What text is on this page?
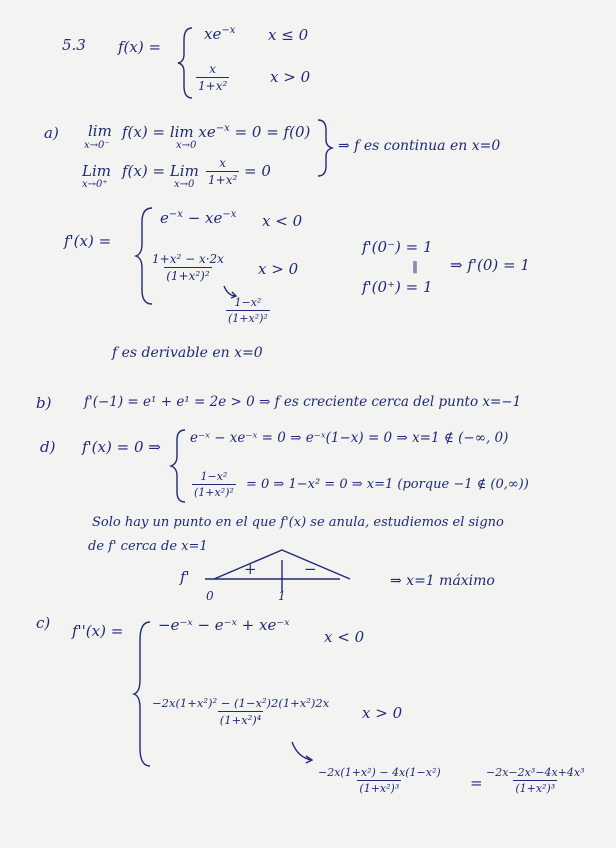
5.3 f(x) =
$xe^{-x}$ x ≤ 0
$\frac{x}{\text{1+x²}}$	x > 0
a) lim
x→0⁻
$f(x) = \lim xe^{-x} = 0 = f(0)$
x→0
Lim
x→0⁺
f(x) = Lim
$x\to 0 \frac{x}{\text{1+x²}} = 0$
⇒ f es continua en x=0
f'(x) =
$e^{-x} - xe^{-x}$ x < 0
$\frac{\text{1+x² − x·2x}}{\text{(1+x²)²}}$ x > 0
$\frac{\text{1−x²}}{\text{(1+x²)²}}$
f'(0⁻) = 1
‖
f'(0⁺) = 1
⇒ f'(0) = 1
f es derivable en x=0
b) f'(−1) = e¹ + e¹ = 2e > 0 ⇒ f es creciente cerca del punto x=−1
d) f'(x) = 0 ⇒ e⁻ˣ − xe⁻ˣ = 0 ⇒ e⁻ˣ(1−x) = 0 ⇒ x=1 ∉ (−∞, 0)
$\frac{\text{1−x²}}{\text{(1+x²)²}} = 0$ ⇒ 1−x² = 0 ⇒ x=1 (porque −1 ∉ (0,∞))
Solo hay un punto en el que f'(x) se anula, estudiemos el signo
de f' cerca de x=1
f'	+	−
0	1
⇒ x=1 máximo
c) f''(x) = −e⁻ˣ − e⁻ˣ + xe⁻ˣ
x < 0
$\frac{\text{−2x(1+x²)² − (1−x²)2(1+x²)2x}}{\text{(1+x²)⁴}}$ x > 0
$\frac{\text{−2x(1+x²) − 4x(1−x²)}}{\text{(1+x²)³}} = \frac{\text{−2x−2x³−4x+4x³}}{\text{(1+x²)³}}$
